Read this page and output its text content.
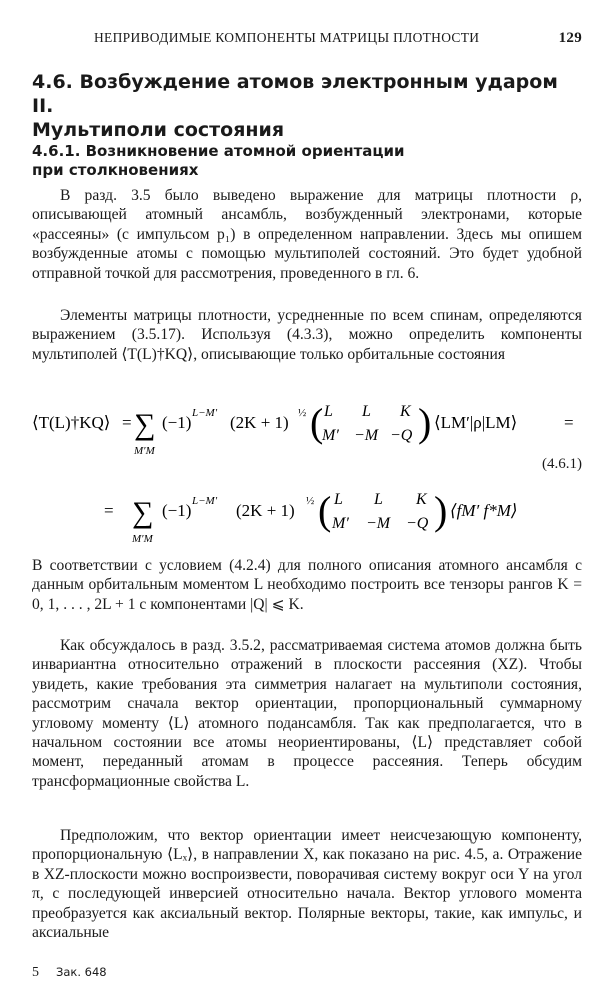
НЕПРИВОДИМЫЕ КОМПОНЕНТЫ МАТРИЦЫ ПЛОТНОСТИ	129
4.6. Возбуждение атомов электронным ударом II.
Мультиполи состояния
4.6.1. Возникновение атомной ориентации
при столкновениях

В разд. 3.5 было выведено выражение для матрицы плотности ρ, описывающей атомный ансамбль, возбужденный электронами, которые «рассеяны» (с импульсом p₁) в определенном направлении. Здесь мы опишем возбужденные атомы с помощью мультиполей состояний. Это будет удобной отправной точкой для рассмотрения, проведенного в гл. 6.

Элементы матрицы плотности, усредненные по всем спинам, определяются выражением (3.5.17). Используя (4.3.3), можно определить компоненты мультиполей ⟨T(L)†KQ⟩, описывающие только орбитальные состояния

⟨T(L)†KQ⟩ = ∑
M′M
(−1) L−M′ (2K + 1) ½ ( L L K
M′ −M −Q ) ⟨LM′|ρ|LM⟩	=
(4.6.1)
= ∑
M′M
(−1) L−M′ (2K + 1) ½ ( L L K
M′ −M −Q ) ⟨fM′ f*M⟩

В соответствии с условием (4.2.4) для полного описания атомного ансамбля с данным орбитальным моментом L необходимо построить все тензоры рангов K = 0, 1, . . . , 2L + 1 с компонентами |Q| ⩽ K.

Как обсуждалось в разд. 3.5.2, рассматриваемая система атомов должна быть инвариантна относительно отражений в плоскости рассеяния (XZ). Чтобы увидеть, какие требования эта симметрия налагает на мультиполи состояния, рассмотрим сначала вектор ориентации, пропорциональный суммарному угловому моменту ⟨L⟩ атомного подансамбля. Так как предполагается, что в начальном состоянии все атомы неориентированы, ⟨L⟩ представляет собой момент, переданный атомам в процессе рассеяния. Теперь обсудим трансформационные свойства L.

Предположим, что вектор ориентации имеет неисчезающую компоненту, пропорциональную ⟨Lₓ⟩, в направлении X, как показано на рис. 4.5, a. Отражение в XZ-плоскости можно воспроизвести, поворачивая систему вокруг оси Y на угол π, с последующей инверсией относительно начала. Вектор углового момента преобразуется как аксиальный вектор. Полярные векторы, такие, как импульс, и аксиальные

5 Зак. 648
